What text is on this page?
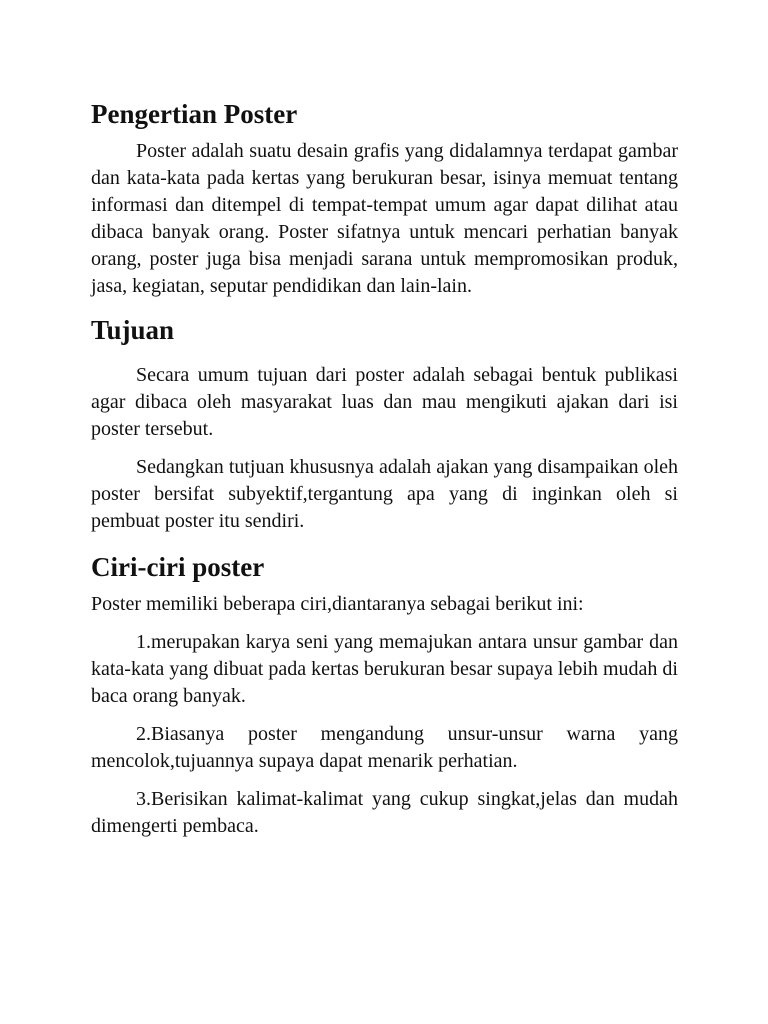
Pengertian Poster

Poster adalah suatu desain grafis yang didalamnya terdapat gambar dan kata-kata pada kertas yang berukuran besar, isinya memuat tentang informasi dan ditempel di tempat-tempat umum agar dapat dilihat atau dibaca banyak orang. Poster sifatnya untuk mencari perhatian banyak orang, poster juga bisa menjadi sarana untuk mempromosikan produk, jasa, kegiatan, seputar pendidikan dan lain-lain.

Tujuan

Secara umum tujuan dari poster adalah sebagai bentuk publikasi agar dibaca oleh masyarakat luas dan mau mengikuti ajakan dari isi poster tersebut.

Sedangkan tutjuan khususnya adalah ajakan yang disampaikan oleh poster bersifat subyektif,tergantung apa yang di inginkan oleh si pembuat poster itu sendiri.

Ciri-ciri poster

Poster memiliki beberapa ciri,diantaranya sebagai berikut ini:

1.merupakan karya seni yang memajukan antara unsur gambar dan kata-kata yang dibuat pada kertas berukuran besar supaya lebih mudah di baca orang banyak.

2.Biasanya poster mengandung unsur-unsur warna yang mencolok,tujuannya supaya dapat menarik perhatian.

3.Berisikan kalimat-kalimat yang cukup singkat,jelas dan mudah dimengerti pembaca.
